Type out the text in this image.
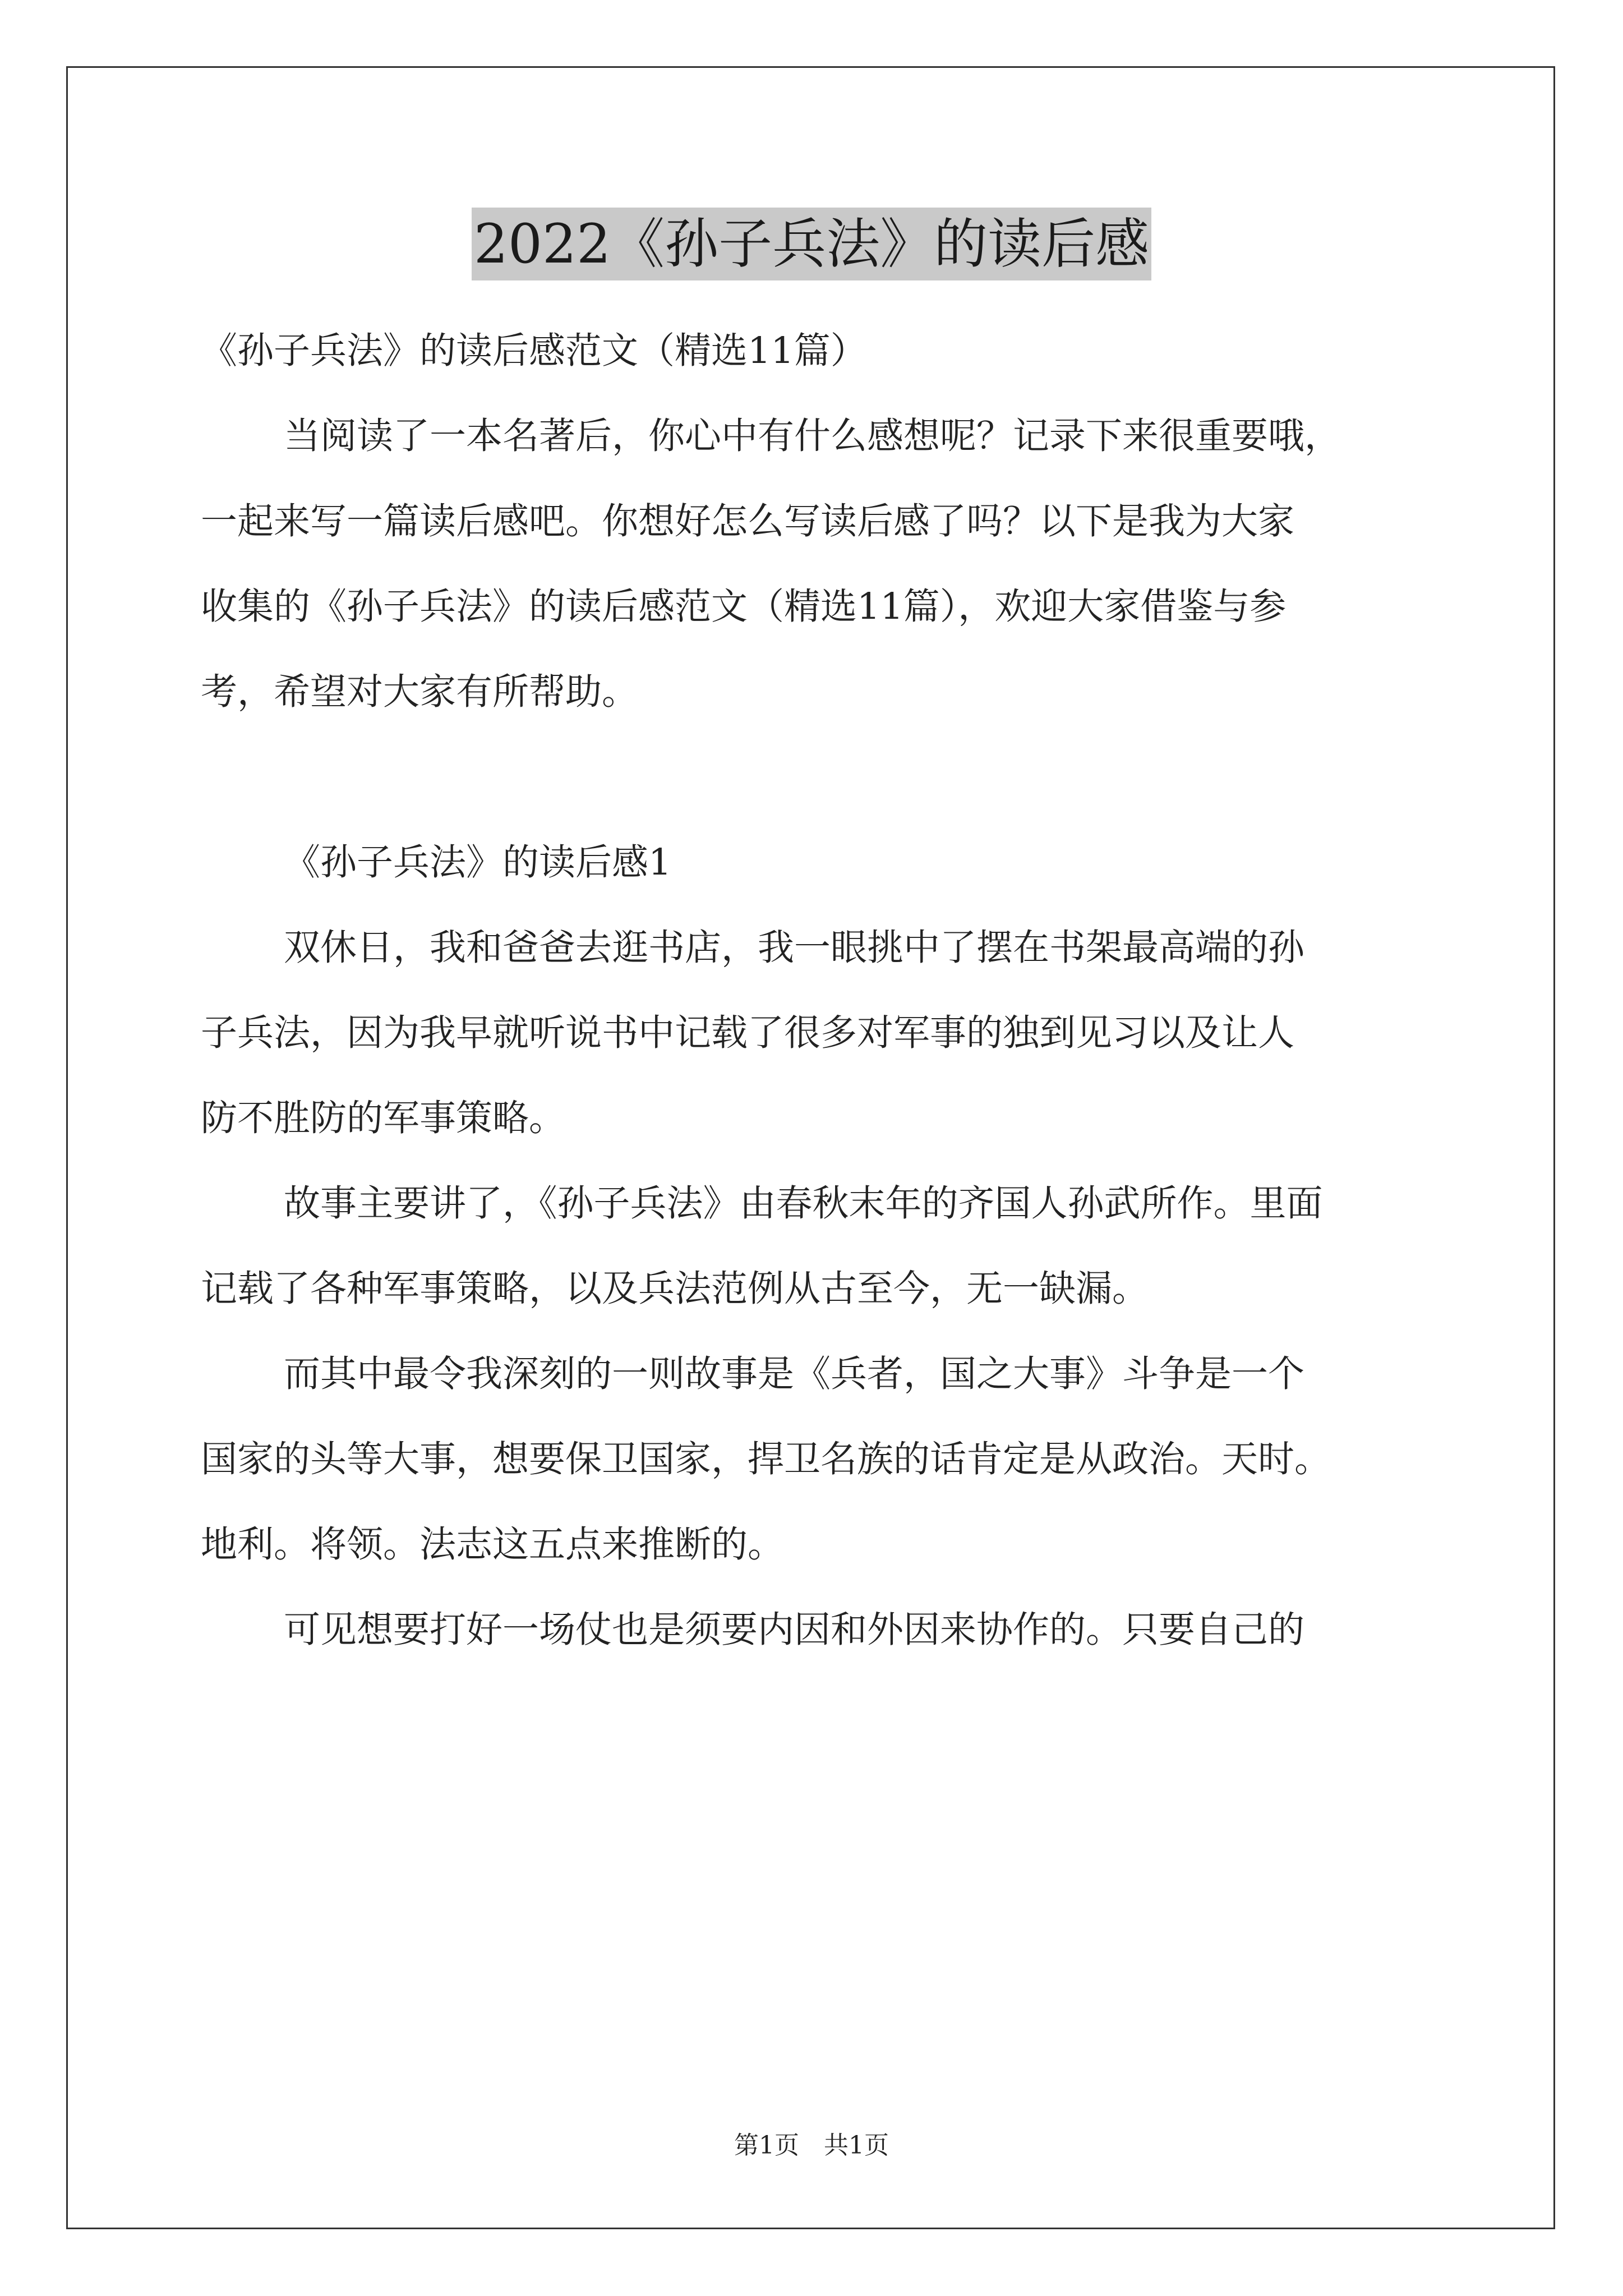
2022《孙子兵法》的读后感
《孙子兵法》的读后感范文（精选11篇）
当阅读了一本名著后，你心中有什么感想呢？记录下来很重要哦，
一起来写一篇读后感吧。你想好怎么写读后感了吗？以下是我为大家
收集的《孙子兵法》的读后感范文（精选11篇），欢迎大家借鉴与参
考，希望对大家有所帮助。
《孙子兵法》的读后感1
双休日，我和爸爸去逛书店，我一眼挑中了摆在书架最高端的孙
子兵法，因为我早就听说书中记载了很多对军事的独到见习以及让人
防不胜防的军事策略。
故事主要讲了，《孙子兵法》由春秋末年的齐国人孙武所作。里面
记载了各种军事策略，以及兵法范例从古至今，无一缺漏。
而其中最令我深刻的一则故事是《兵者，国之大事》斗争是一个
国家的头等大事，想要保卫国家，捍卫名族的话肯定是从政治。天时。
地利。将领。法志这五点来推断的。
可见想要打好一场仗也是须要内因和外因来协作的。只要自己的
第1页　共1页
